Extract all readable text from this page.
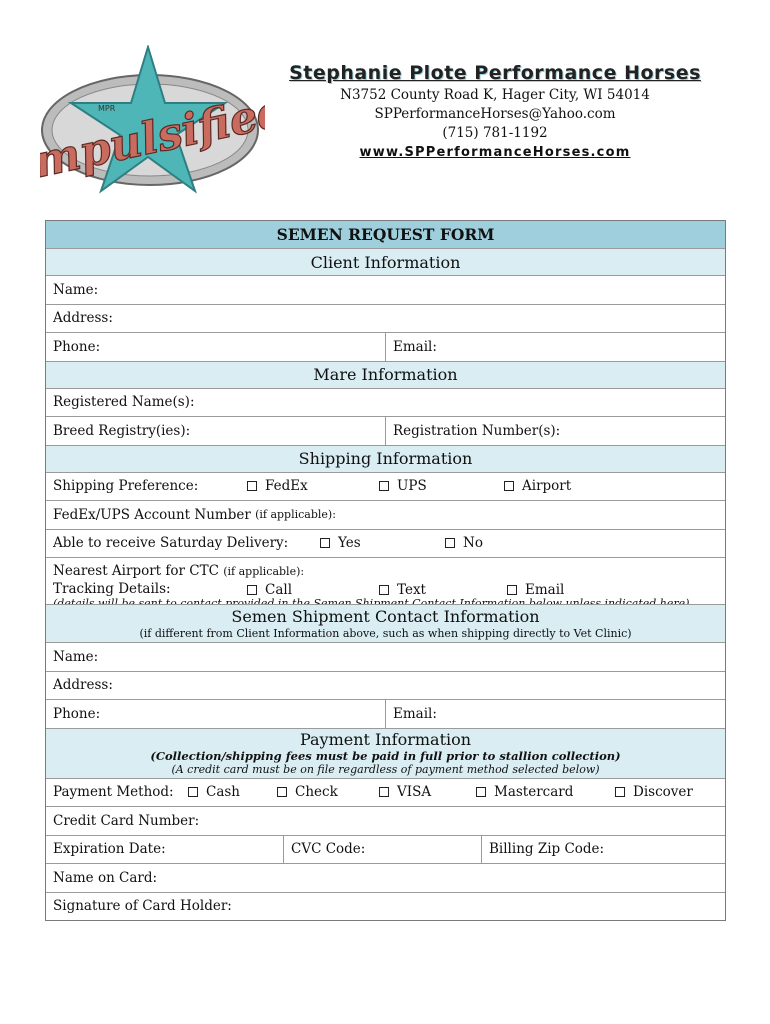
Impulsified
MPR
Stephanie Plote Performance Horses
N3752 County Road K, Hager City, WI 54014
SPPerformanceHorses@Yahoo.com
(715) 781-1192
www.SPPerformanceHorses.com
SEMEN REQUEST FORM
Client Information
Name:
Address:
Phone:	Email:
Mare Information
Registered Name(s):
Breed Registry(ies):	Registration Number(s):
Shipping Information
Shipping Preference:	FedEx	UPS	Airport
FedEx/UPS Account Number
(if applicable):
Able to receive Saturday Delivery:	Yes	No
Nearest Airport for CTC (if applicable):
Tracking Details:	Call	Text	Email
Semen Shipment Contact Information
(if different from Client Information above, such as when shipping directly to Vet Clinic)
Name:
Address:
Phone:	Email:
Payment Information
(Collection/shipping fees must be paid in full prior to stallion collection)
(A credit card must be on file regardless of payment method selected below)
Payment Method: Cash	Check	VISA	Mastercard	Discover
Credit Card Number:
Expiration Date:	CVC Code:	Billing Zip Code:
Name on Card:
Signature of Card Holder:
